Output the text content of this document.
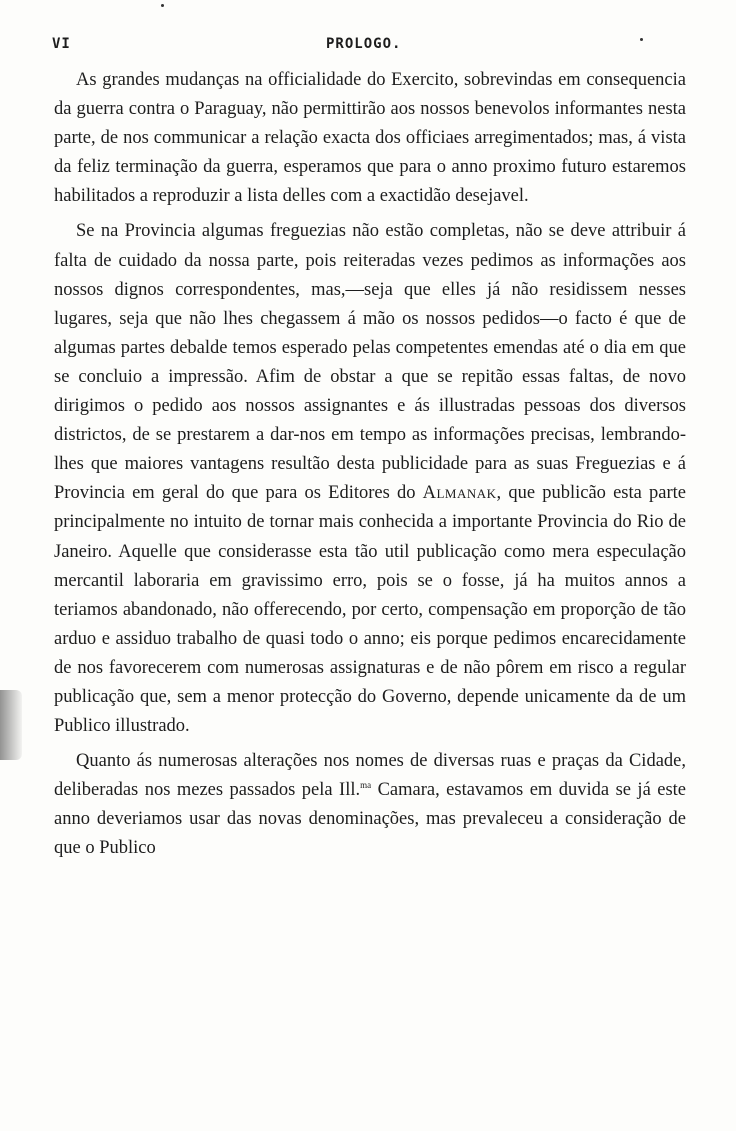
VI	PROLOGO.

As grandes mudanças na officialidade do Exercito, sobrevindas em consequencia da guerra contra o Paraguay, não permittirão aos nossos benevolos informantes nesta parte, de nos communicar a relação exacta dos officiaes arregimentados; mas, á vista da feliz terminação da guerra, esperamos que para o anno proximo futuro estaremos habilitados a reproduzir a lista delles com a exactidão desejavel.

Se na Provincia algumas freguezias não estão completas, não se deve attribuir á falta de cuidado da nossa parte, pois reiteradas vezes pedimos as informações aos nossos dignos correspondentes, mas,—seja que elles já não residissem nesses lugares, seja que não lhes chegassem á mão os nossos pedidos—o facto é que de algumas partes debalde temos esperado pelas competentes emendas até o dia em que se concluio a impressão. Afim de obstar a que se repitão essas faltas, de novo dirigimos o pedido aos nossos assignantes e ás illustradas pessoas dos diversos districtos, de se prestarem a dar-nos em tempo as informações precisas, lembrando-lhes que maiores vantagens resultão desta publicidade para as suas Freguezias e á Provincia em geral do que para os Editores do Almanak, que publicão esta parte principalmente no intuito de tornar mais conhecida a importante Provincia do Rio de Janeiro. Aquelle que considerasse esta tão util publicação como mera especulação mercantil laboraria em gravissimo erro, pois se o fosse, já ha muitos annos a teriamos abandonado, não offerecendo, por certo, compensação em proporção de tão arduo e assiduo trabalho de quasi todo o anno; eis porque pedimos encarecidamente de nos favorecerem com numerosas assignaturas e de não pôrem em risco a regular publicação que, sem a menor protecção do Governo, depende unicamente da de um Publico illustrado.

Quanto ás numerosas alterações nos nomes de diversas ruas e praças da Cidade, deliberadas nos mezes passados pela Ill.$^{ma}$ Camara, estavamos em duvida se já este anno deveriamos usar das novas denominações, mas prevaleceu a consideração de que o Publico
